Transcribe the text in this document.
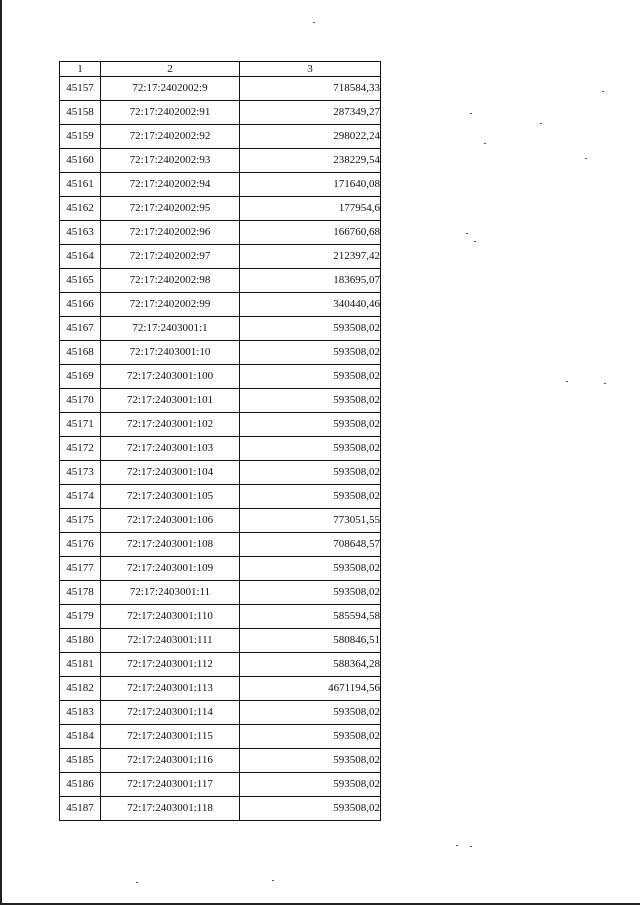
1	2	3
45157	72:17:2402002:9	718584,33
45158	72:17:2402002:91	287349,27
45159	72:17:2402002:92	298022,24
45160	72:17:2402002:93	238229,54
45161	72:17:2402002:94	171640,08
45162	72:17:2402002:95	177954,6
45163	72:17:2402002:96	166760,68
45164	72:17:2402002:97	212397,42
45165	72:17:2402002:98	183695,07
45166	72:17:2402002:99	340440,46
45167	72:17:2403001:1	593508,02
45168	72:17:2403001:10	593508,02
45169	72:17:2403001:100	593508,02
45170	72:17:2403001:101	593508,02
45171	72:17:2403001:102	593508,02
45172	72:17:2403001:103	593508,02
45173	72:17:2403001:104	593508,02
45174	72:17:2403001:105	593508,02
45175	72:17:2403001:106	773051,55
45176	72:17:2403001:108	708648,57
45177	72:17:2403001:109	593508,02
45178	72:17:2403001:11	593508,02
45179	72:17:2403001:110	585594,58
45180	72:17:2403001:111	580846,51
45181	72:17:2403001:112	588364,28
45182	72:17:2403001:113	4671194,56
45183	72:17:2403001:114	593508,02
45184	72:17:2403001:115	593508,02
45185	72:17:2403001:116	593508,02
45186	72:17:2403001:117	593508,02
45187	72:17:2403001:118	593508,02
